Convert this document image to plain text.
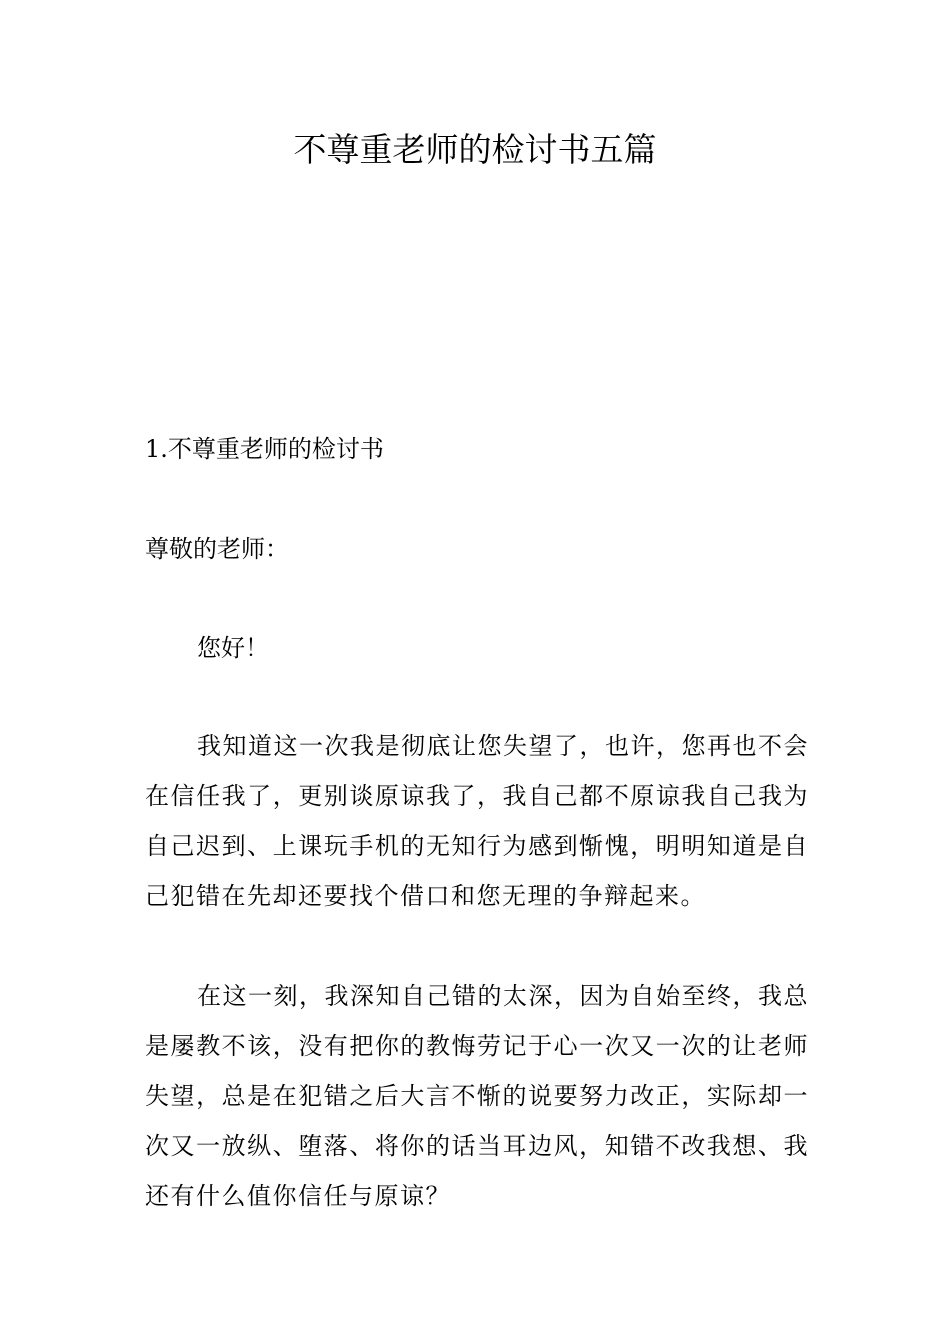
不尊重老师的检讨书五篇

1.不尊重老师的检讨书

尊敬的老师：

您好！

我知道这一次我是彻底让您失望了，也许，您再也不会在信任我了，更别谈原谅我了，我自己都不原谅我自己我为自己迟到、上课玩手机的无知行为感到惭愧，明明知道是自己犯错在先却还要找个借口和您无理的争辩起来。

在这一刻，我深知自己错的太深，因为自始至终，我总是屡教不该，没有把你的教悔劳记于心一次又一次的让老师失望，总是在犯错之后大言不惭的说要努力改正，实际却一次又一放纵、堕落、将你的话当耳边风，知错不改我想、我还有什么值你信任与原谅？
